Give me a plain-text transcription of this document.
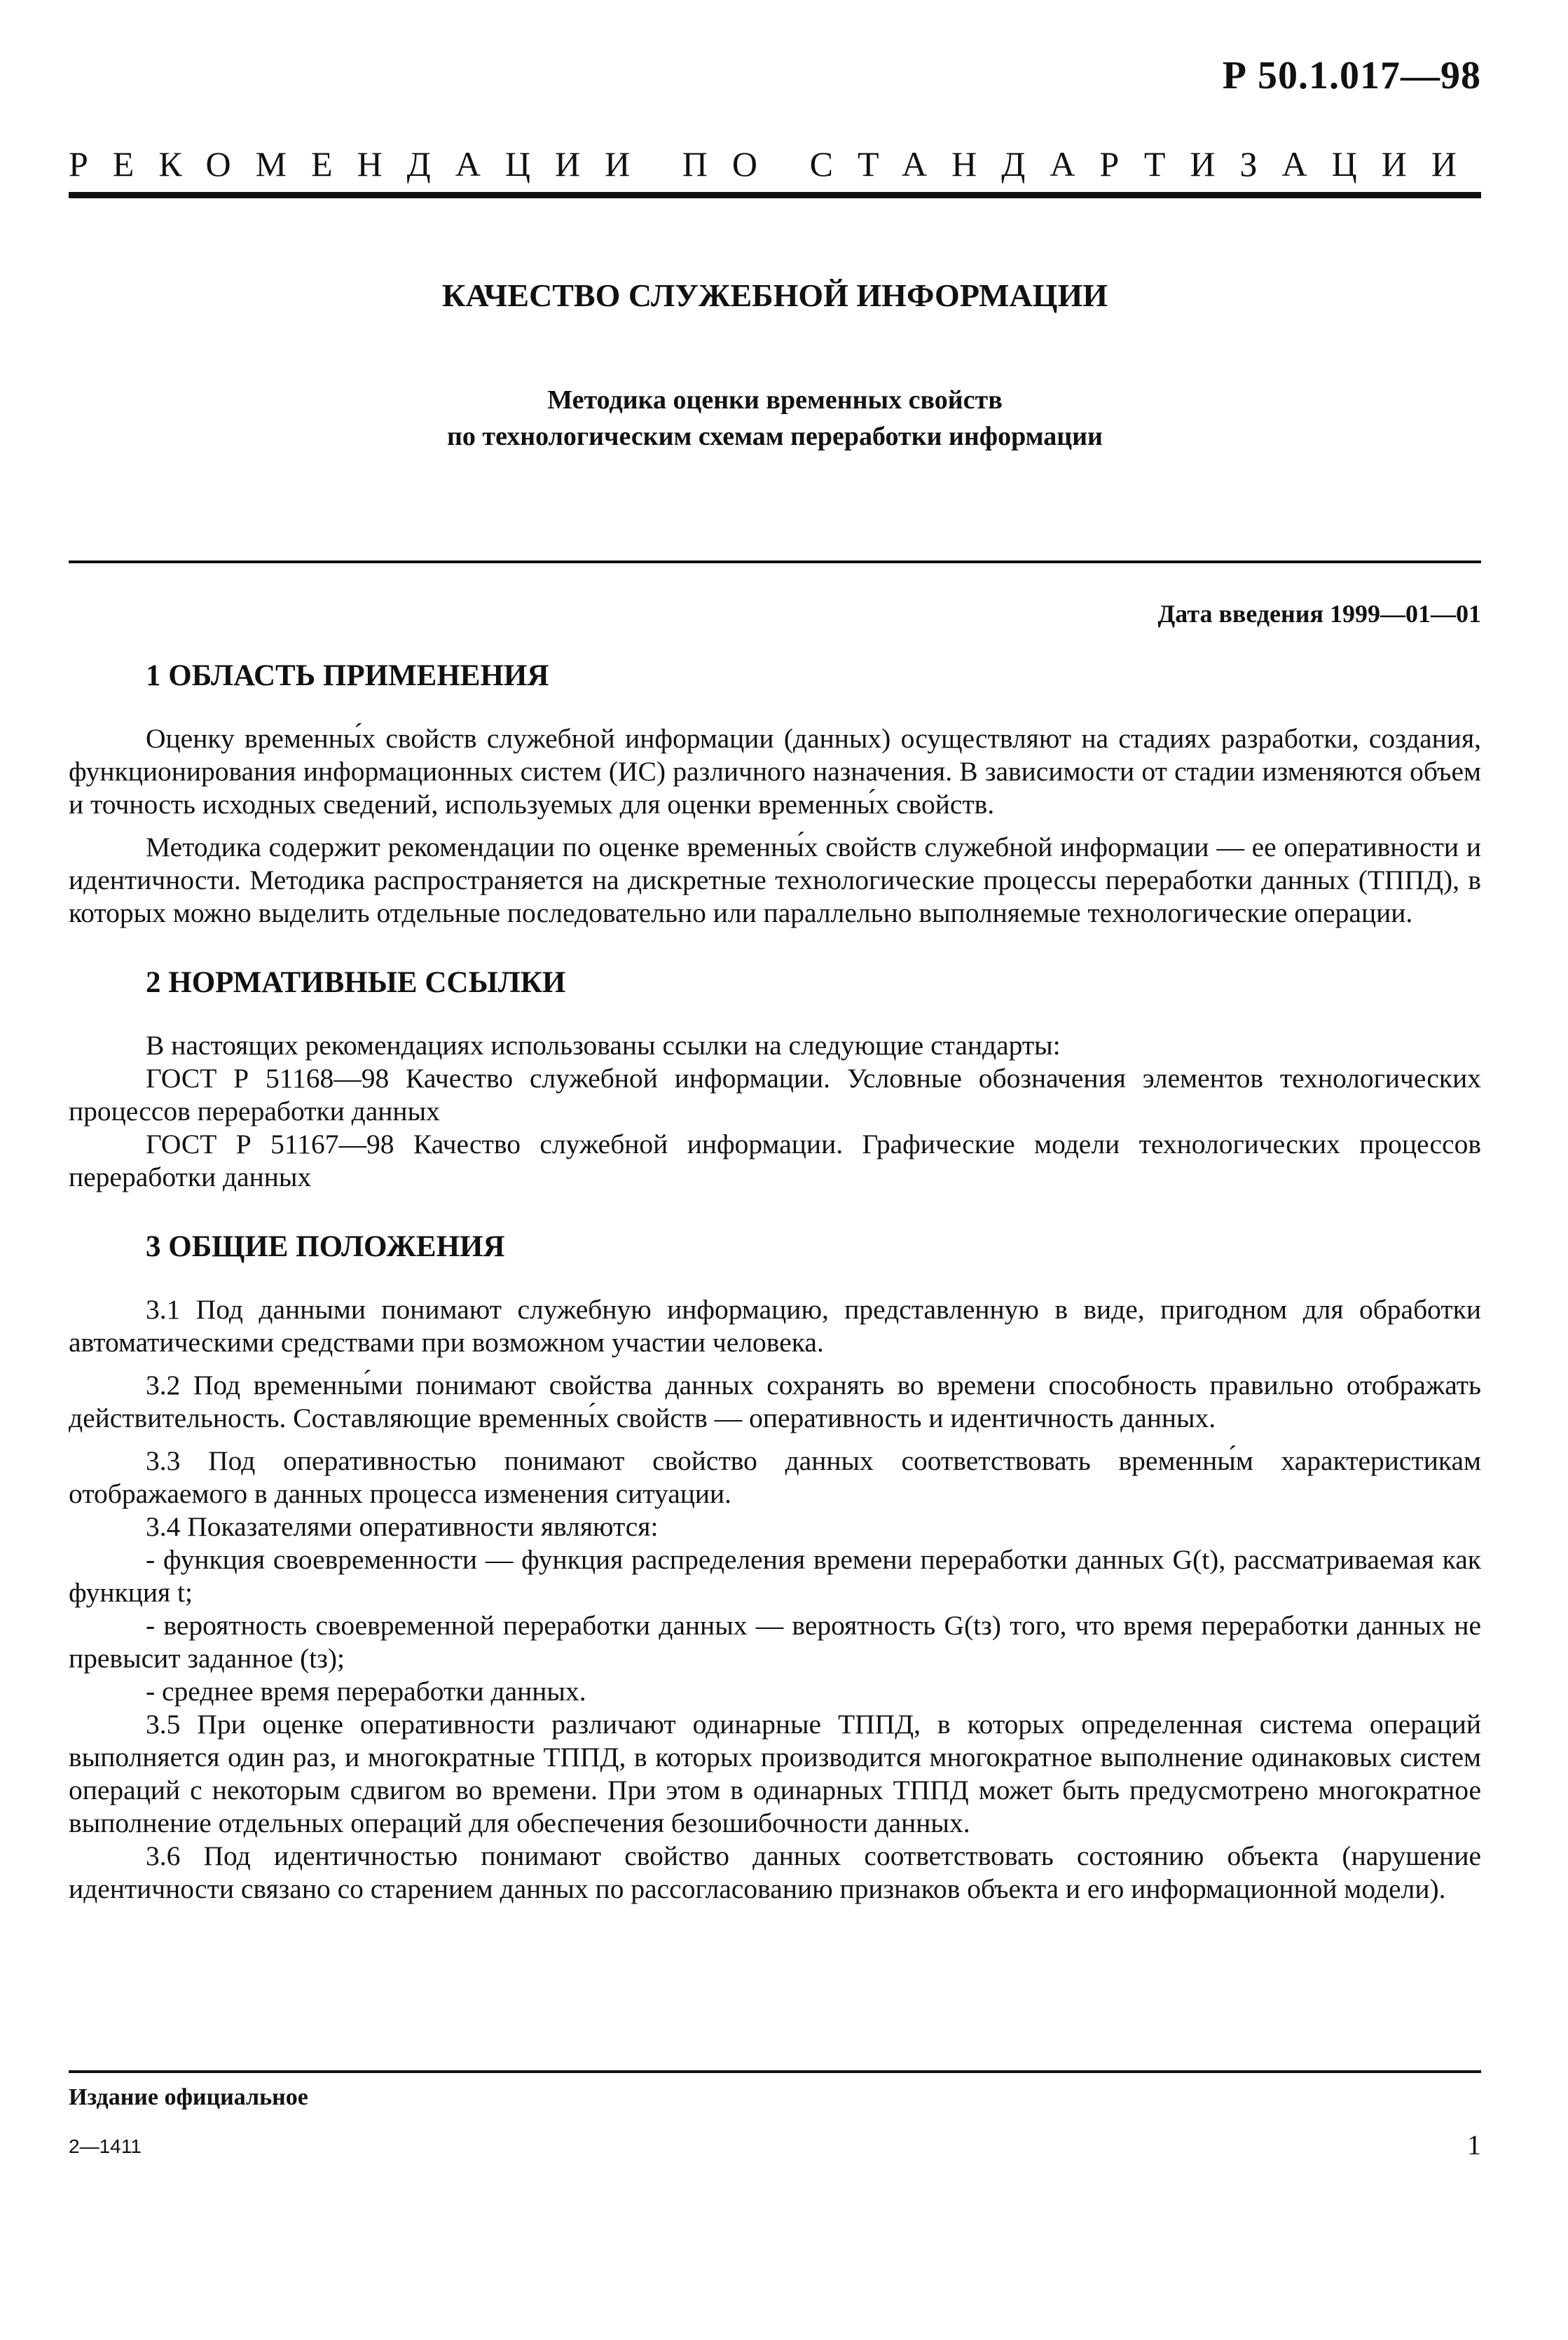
Р 50.1.017—98
РЕКОМЕНДАЦИИ ПО СТАНДАРТИЗАЦИИ
КАЧЕСТВО СЛУЖЕБНОЙ ИНФОРМАЦИИ
Методика оценки временных свойств
по технологическим схемам переработки информации
Дата введения 1999—01—01
1 ОБЛАСТЬ ПРИМЕНЕНИЯ

Оценку временны́х свойств служебной информации (данных) осуществляют на стадиях разработки, создания, функционирования информационных систем (ИС) различного назначения. В зависимости от стадии изменяются объем и точность исходных сведений, используемых для оценки временны́х свойств.

Методика содержит рекомендации по оценке временны́х свойств служебной информации — ее оперативности и идентичности. Методика распространяется на дискретные технологические процессы переработки данных (ТППД), в которых можно выделить отдельные последовательно или параллельно выполняемые технологические операции.

2 НОРМАТИВНЫЕ ССЫЛКИ

В настоящих рекомендациях использованы ссылки на следующие стандарты:

ГОСТ Р 51168—98 Качество служебной информации. Условные обозначения элементов технологических процессов переработки данных

ГОСТ Р 51167—98 Качество служебной информации. Графические модели технологических процессов переработки данных

3 ОБЩИЕ ПОЛОЖЕНИЯ

3.1 Под данными понимают служебную информацию, представленную в виде, пригодном для обработки автоматическими средствами при возможном участии человека.

3.2 Под временны́ми понимают свойства данных сохранять во времени способность правильно отображать действительность. Составляющие временны́х свойств — оперативность и идентичность данных.

3.3 Под оперативностью понимают свойство данных соответствовать временны́м характеристикам отображаемого в данных процесса изменения ситуации.

3.4 Показателями оперативности являются:

- функция своевременности — функция распределения времени переработки данных G(t), рассматриваемая как функция t;

- вероятность своевременной переработки данных — вероятность G(tз) того, что время переработки данных не превысит заданное (tз);

- среднее время переработки данных.

3.5 При оценке оперативности различают одинарные ТППД, в которых определенная система операций выполняется один раз, и многократные ТППД, в которых производится многократное выполнение одинаковых систем операций с некоторым сдвигом во времени. При этом в одинарных ТППД может быть предусмотрено многократное выполнение отдельных операций для обеспечения безошибочности данных.

3.6 Под идентичностью понимают свойство данных соответствовать состоянию объекта (нарушение идентичности связано со старением данных по рассогласованию признаков объекта и его информационной модели).

Издание официальное
2—1411	1
